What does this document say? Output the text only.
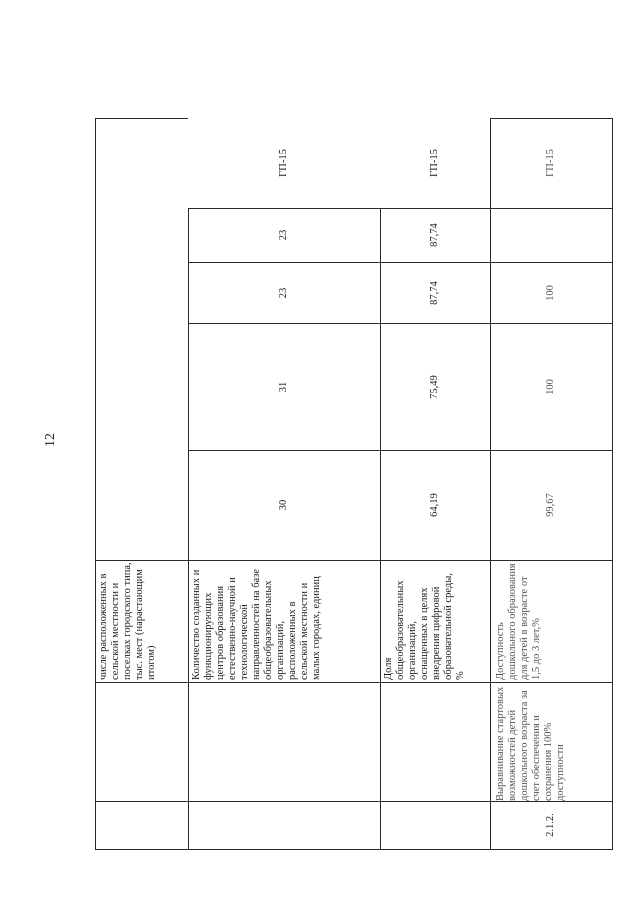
12
числе расположенных в сельской местности и поселках городского типа, тыс. мест (нарастающим итогом)	Количество созданных и функционирующих центров образования естественно-научной и технологической направленностей на базе общеобразовательных организаций, расположенных в сельской местности и малых городах, единиц
30
31
23
23
Доля общеобразовательных организаций, оснащенных в целях внедрения цифровой образовательной среды, %
64,19
75,49
87,74
87,74
2.1.2.
Выравнивание стартовых возможностей детей дошкольного возраста за счет обеспечения и сохранения 100% доступности
Доступность дошкольного образования для детей в возрасте от 1,5 до 3 лет,%
99,67
100
100
ГП-15
ГП-15	ГП-15
